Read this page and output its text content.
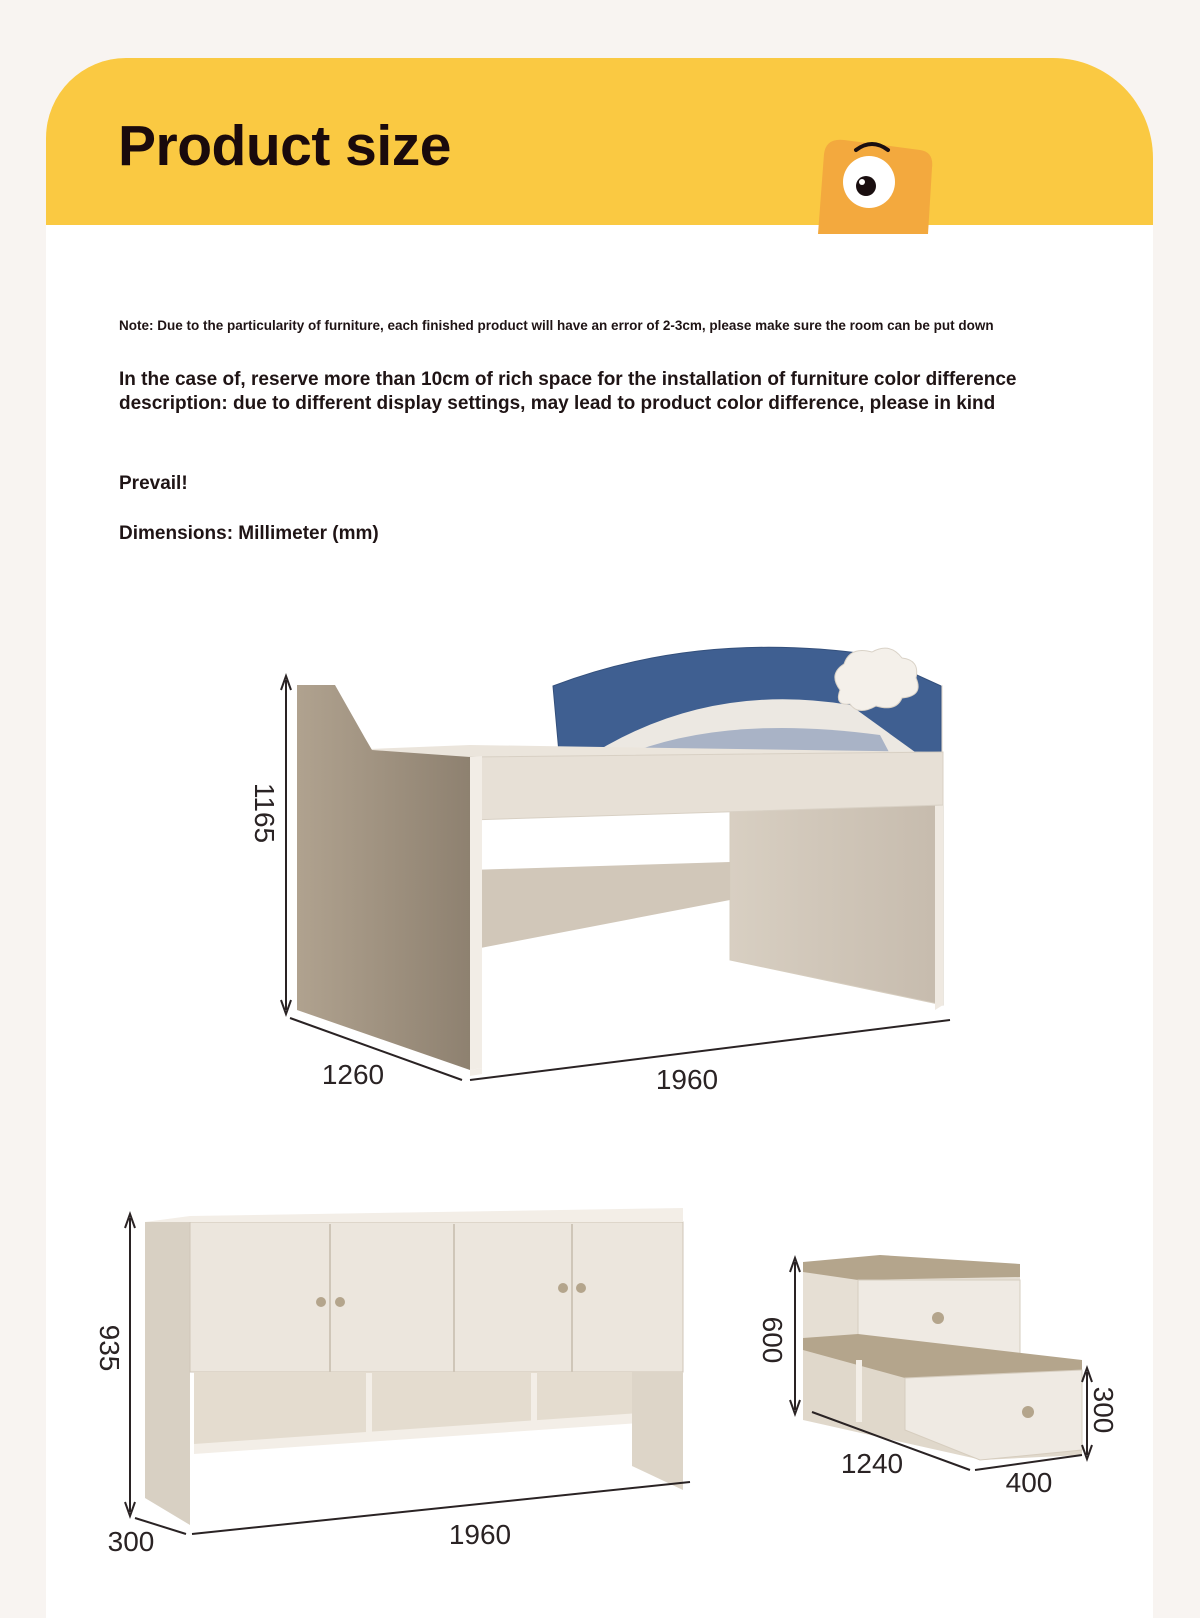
Product size

Note: Due to the particularity of furniture, each finished product will have an error of 2-3cm, please make sure the room can be put down

In the case of, reserve more than 10cm of rich space for the installation of furniture color difference description: due to different display settings, may lead to product color difference, please in kind

Prevail!

Dimensions: Millimeter (mm)

1165
1260	1960
935
300	1960
600
300
1240
400
